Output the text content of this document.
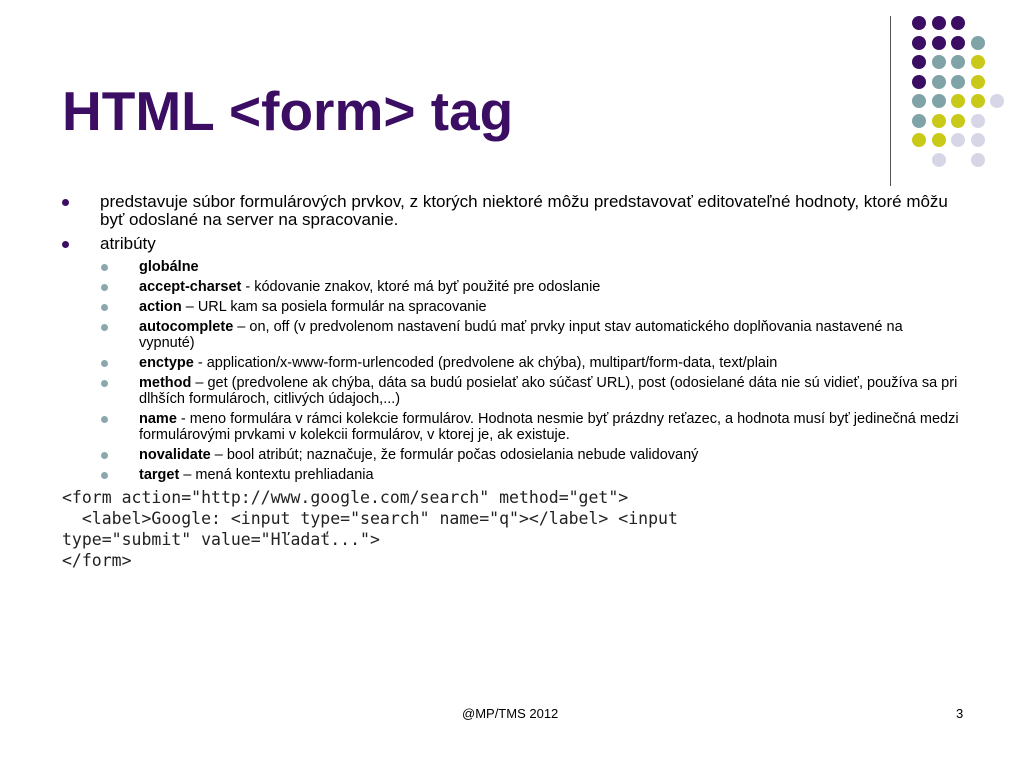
HTML <form> tag
predstavuje súbor formulárových prvkov, z ktorých niektoré môžu predstavovať editovateľné hodnoty, ktoré môžu byť odoslané na server na spracovanie.
atribúty
globálne
accept-charset - kódovanie znakov, ktoré má byť použité pre odoslanie
action – URL kam sa posiela formulár na spracovanie
autocomplete – on, off (v predvolenom nastavení budú mať prvky input stav automatického doplňovania nastavené na vypnuté)
enctype - application/x-www-form-urlencoded (predvolene ak chýba), multipart/form-data, text/plain
method – get (predvolene ak chýba, dáta sa budú posielať ako súčasť URL), post (odosielané dáta nie sú vidieť, používa sa pri dlhších formulároch, citlivých údajoch,...)
name - meno formulára v rámci kolekcie formulárov. Hodnota nesmie byť prázdny reťazec, a hodnota musí byť jedinečná medzi formulárovými prvkami v kolekcii formulárov, v ktorej je, ak existuje.
novalidate – bool atribút; naznačuje, že formulár počas odosielania nebude validovaný
target – mená kontextu prehliadania
<form action="http://www.google.com/search" method="get">
<label>Google: <input type="search" name="q"></label> <input
type="submit" value="Hľadať...">
</form>
@MP/TMS 2012	3
